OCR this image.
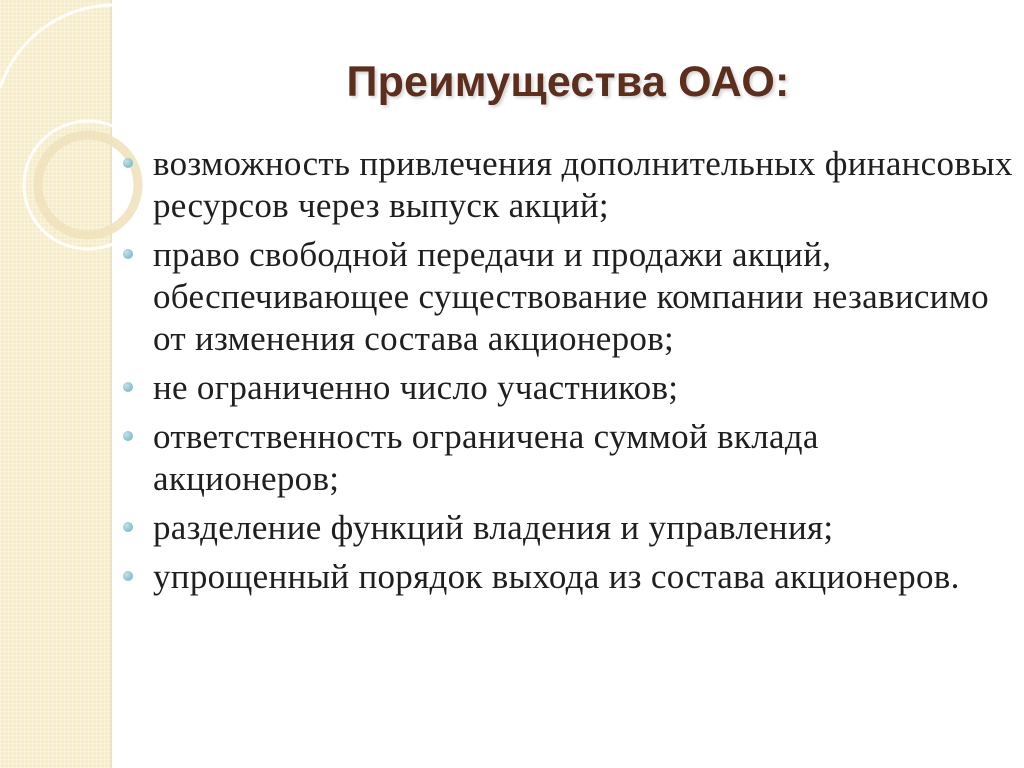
Преимущества ОАО:
возможность привлечения дополнительных финансовых ресурсов через выпуск акций;
право свободной передачи и продажи акций, обеспечивающее существование компании независимо от изменения состава акционеров;
не ограниченно число участников;
ответственность ограничена суммой вклада акционеров;
разделение функций владения и управления;
упрощенный порядок выхода из состава акционеров.
